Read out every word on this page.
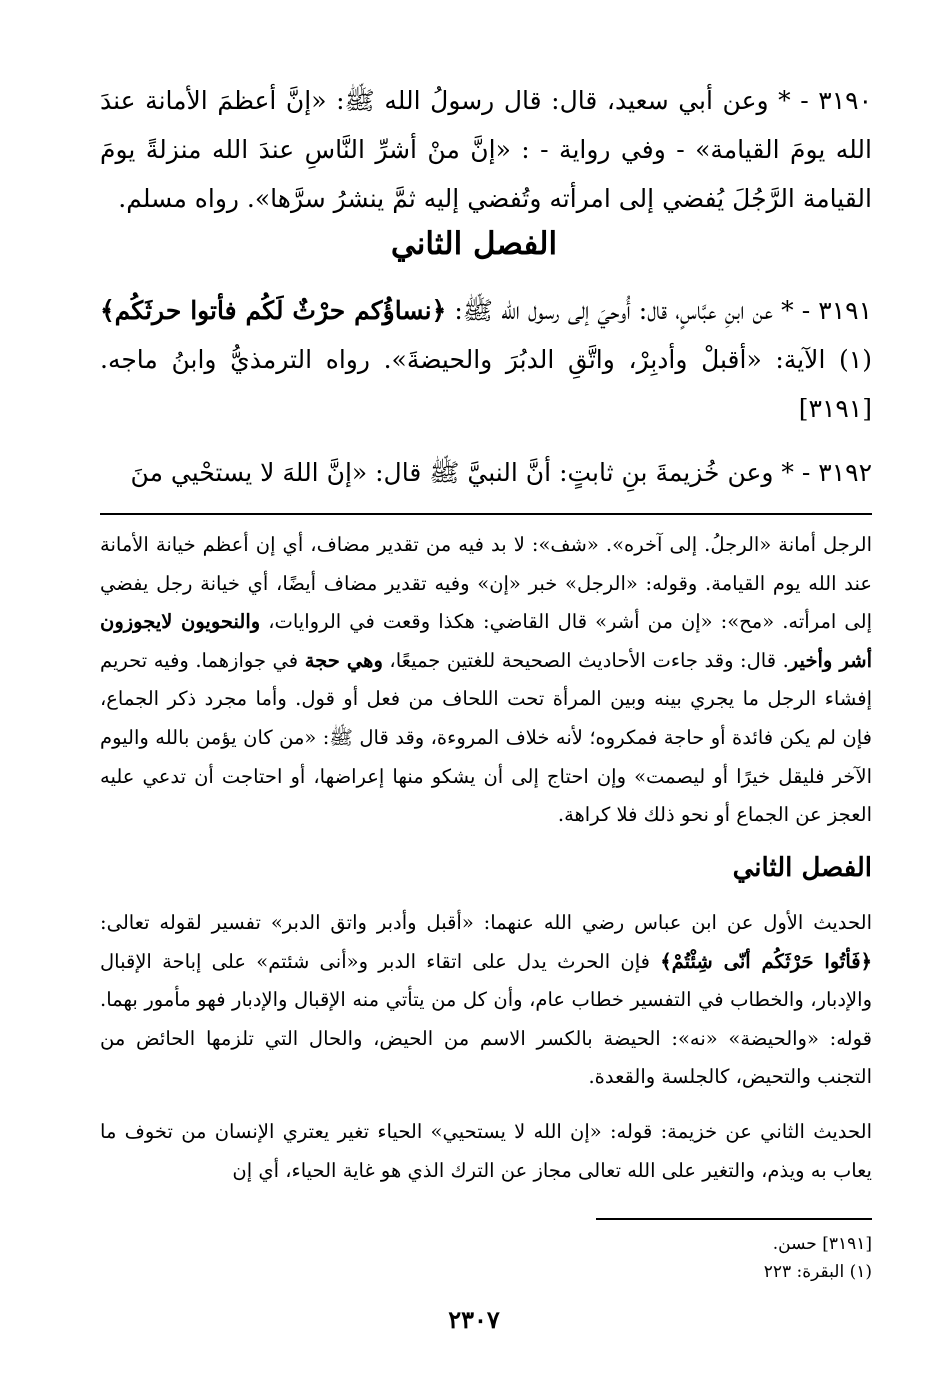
٣١٩٠ - * وعن أبي سعيد، قال: قال رسولُ الله ﷺ: «إنَّ أعظمَ الأمانة عندَ الله يومَ القيامة» - وفي رواية - : «إنَّ منْ أشرِّ النَّاسِ عندَ الله منزلةً يومَ القيامة الرَّجُلَ يُفضي إلى امرأته وتُفضي إليه ثمَّ ينشرُ سرَّها». رواه مسلم.

الفصل الثاني

٣١٩١ - * عن ابنِ عبَّاسٍ، قال: أُوحيَ إلى رسول الله ﷺ: ﴿نساؤُكم حرْثٌ لَكُم فأتوا حرثَكُم﴾(١) الآية: «أقبلْ وأدبِرْ، واتَّقِ الدبُرَ والحيضةَ». رواه الترمذيُّ وابنُ ماجه. [٣١٩١]

٣١٩٢ - * وعن خُزيمةَ بنِ ثابتٍ: أنَّ النبيَّ ﷺ قال: «إنَّ اللهَ لا يستحْيي منَ

الرجل أمانة «الرجلُ. إلى آخره». «شف»: لا بد فيه من تقدير مضاف، أي إن أعظم خيانة الأمانة عند الله يوم القيامة. وقوله: «الرجل» خبر «إن» وفيه تقدير مضاف أيضًا، أي خيانة رجل يفضي إلى امرأته. «مح»: «إن من أشر» قال القاضي: هكذا وقعت في الروايات، والنحويون لايجوزون أشر وأخير. قال: وقد جاءت الأحاديث الصحيحة للغتين جميعًا، وهي حجة في جوازهما. وفيه تحريم إفشاء الرجل ما يجري بينه وبين المرأة تحت اللحاف من فعل أو قول. وأما مجرد ذكر الجماع، فإن لم يكن فائدة أو حاجة فمكروه؛ لأنه خلاف المروءة، وقد قال ﷺ: «من كان يؤمن بالله واليوم الآخر فليقل خيرًا أو ليصمت» وإن احتاج إلى أن يشكو منها إعراضها، أو احتاجت أن تدعي عليه العجز عن الجماع أو نحو ذلك فلا كراهة.

الفصل الثاني

الحديث الأول عن ابن عباس رضي الله عنهما: «أقبل وأدبر واتق الدبر» تفسير لقوله تعالى: ﴿فَأتُوا حَرْثَكُم أنّى شِئْتُمْ﴾ فإن الحرث يدل على اتقاء الدبر و«أنى شئتم» على إباحة الإقبال والإدبار، والخطاب في التفسير خطاب عام، وأن كل من يتأتي منه الإقبال والإدبار فهو مأمور بهما. قوله: «والحيضة» «نه»: الحيضة بالكسر الاسم من الحيض، والحال التي تلزمها الحائض من التجنب والتحيض، كالجلسة والقعدة.

الحديث الثاني عن خزيمة: قوله: «إن الله لا يستحيي» الحياء تغير يعتري الإنسان من تخوف ما يعاب به ويذم، والتغير على الله تعالى مجاز عن الترك الذي هو غاية الحياء، أي إن

[٣١٩١] حسن.

(١) البقرة: ٢٢٣

٢٣٠٧
